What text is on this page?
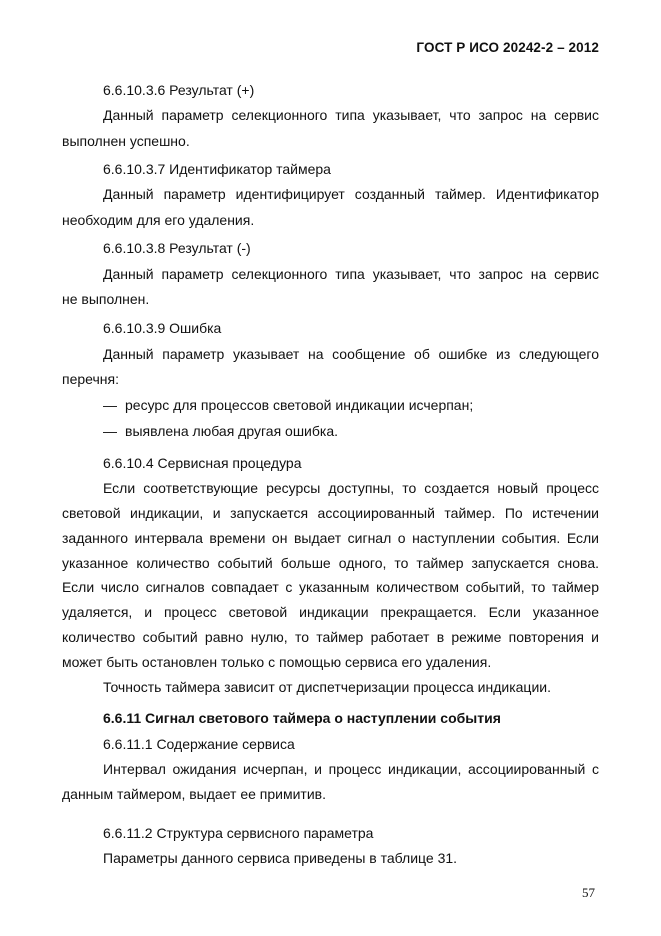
ГОСТ Р ИСО 20242-2 – 2012
6.6.10.3.6 Результат (+)
Данный параметр селекционного типа указывает, что запрос на сервис
выполнен успешно.
6.6.10.3.7 Идентификатор таймера
Данный параметр идентифицирует созданный таймер. Идентификатор
необходим для его удаления.
6.6.10.3.8 Результат (-)
Данный параметр селекционного типа указывает, что запрос на сервис
не выполнен.
6.6.10.3.9 Ошибка
Данный параметр указывает на сообщение об ошибке из следующего
перечня:
— ресурс для процессов световой индикации исчерпан;
— выявлена любая другая ошибка.
6.6.10.4 Сервисная процедура
Если соответствующие ресурсы доступны, то создается новый процесс
световой индикации, и запускается ассоциированный таймер. По истечении
заданного интервала времени он выдает сигнал о наступлении события. Если
указанное количество событий больше одного, то таймер запускается снова.
Если число сигналов совпадает с указанным количеством событий, то таймер
удаляется, и процесс световой индикации прекращается. Если указанное
количество событий равно нулю, то таймер работает в режиме повторения и
может быть остановлен только с помощью сервиса его удаления.
Точность таймера зависит от диспетчеризации процесса индикации.
6.6.11 Сигнал светового таймера о наступлении события
6.6.11.1 Содержание сервиса
Интервал ожидания исчерпан, и процесс индикации, ассоциированный с
данным таймером, выдает ее примитив.
6.6.11.2 Структура сервисного параметра
Параметры данного сервиса приведены в таблице 31.
57
